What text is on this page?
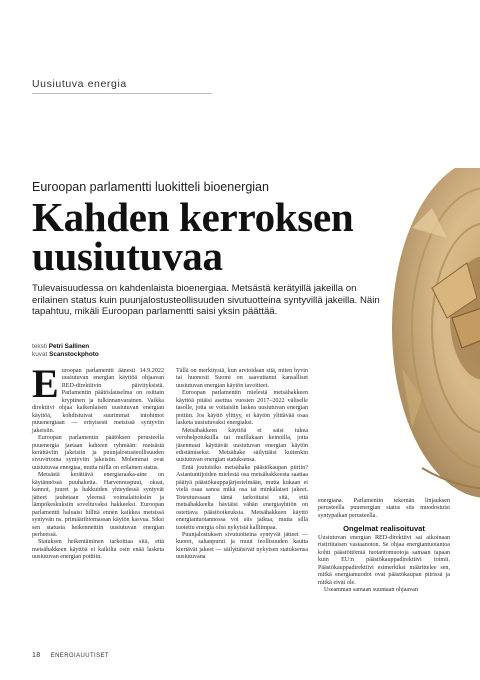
Uusiutuva energia
Euroopan parlamentti luokitteli bioenergian
Kahden kerroksen uusiutuvaa
Tulevaisuudessa on kahdenlaista bioenergiaa. Metsästä kerätyillä jakeilla on erilainen status kuin puunjalostusteollisuuden sivutuotteina syntyvillä jakeilla. Näin tapahtuu, mikäli Euroopan parlamentti saisi yksin päättää.
teksti Petri Sallinen
kuvat Scanstockphoto

Euroopan parlamentti äänesti 14.9.2022 uusiutuvan energian käyttöä ohjaavan RED-direktiivin päivityksistä. Parlamentin päätöslauselma on osittain kryptinen ja tulkinnanvarainen. Vaikka direktiivi ohjaa kaikenlaisen uusiutuvan energian käyttöä, kohdistuivat suurimmat intohimot puuenergiaan — erityisesti metsissä syntyviin jakeisiin.

Euroopan parlamentin päätöksen perusteella puuenergia jaetaan kahteen ryhmään: metsästä kerättäviin jakeisiin ja puunjalostusteollisuuden sivuvirtoina syntyviin jakeisiin. Molemmat ovat uusiutuvaa energiaa, mutta niillä on erilainen status.

Metsästä kerättävä energiaraaka-aine on käytännössä puuhaketta. Harvennuspuut, oksat, kannot, juuret ja hakkuiden yhteydessä syntyvät jätteet jauhetaan yleensä voimalaitoksiin ja lämpökeskuksiin soveltuvaksi hakkeeksi. Euroopan parlamentti haluaisi hillitä ennen kaikkea metsissä syntyvän ns. primääribiomassan käytön kasvua. Siksi sen statusta heikennettiin uusiutuvan energian perheessä.

Statuksen heikentäminen tarkoittaa sitä, että metsähakkeen käyttöä ei kaikilta osin enää lasketa uusiutuvan energian potttiin.

Tällä on merkitystä, kun arvioidaan sitä, miten hyvin tai huonosti Suomi on saavuttanut kansalliset uusiutuvan energian käytön tavoitteet.

Euroopan parlamentin mielestä metsähakkeen käyttöä pitäisi asettua vuosien 2017–2022 väliselle tasolle, jotta se voitaisiin laskea uusiutuvan energian pottiin. Jos käyttö ylittyy, ei käytön ylittävää osaa lasketa uusiutuvaksi energiaksi.

Metsähakkeen käyttöä ei saisi tukea verohelpotuksilla tai muillakaan keinoilla, joita jäsenmaat käyttävät uusiutuvan energian käytön edistämiseksi. Metsähake säilyttäisi kuitenkin uusiutuvan energian statuksensa.

Entä joutuisiko metsähake päästökaupan piiriin? Asiantuntijoiden mielestä osa metsähakkeesta saattaa päätyä päästökauppajärjestelmään, mutta kukaan ei vielä osaa sanoa mikä osa tai minkälaiset jakeet. Toteutuessaan tämä tarkoittaisi sitä, että metsähakkeelta häviäisi vähän energiayhtiön on ostettava päästöoikeuksia. Metsähakkeen käyttö energiantuotannossa voi siis jatkua, mutta sillä tuotettu energia olisi nykyistä kalliimpaa.

Puunjalostuksen sivutuotteina syntyvät jätteet — kuoret, sahanpurut ja muut teollisuuden kautta kiertävät jakeet — säilyttäisivät nykyisen statuksensa uusiutuvana

energiana. Parlamentin tekemän linjauksen perusteella puuenergian status siis muodostuisi syntypaikan perusteella.

Ongelmat realisoituvat

Uusiutuvan energian RED-direktiivi sai aikoinaan ristiriitaisen vastaanoton. Se ohjaa energiantuotantoa kohti päästöttömiä tuotantomuotoja samaan tapaan kuin EU:n päästökauppadirektiivi toimii. Päästökauppadirektiivi esimerkiksi määrittelee sen, mitkä energiamuodot ovat päästökaupan piirissä ja mitkä eivät ole.

Useamman samaan suuntaan ohjaavan

18 ENERGIAUUTISET
